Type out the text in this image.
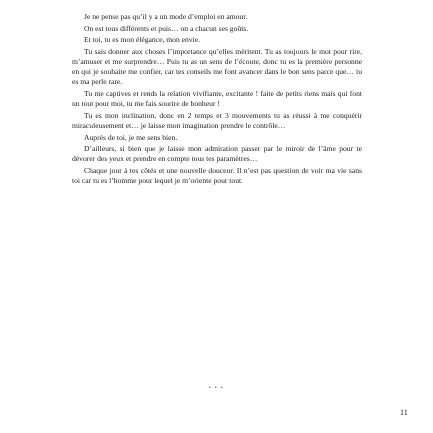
Je ne pense pas qu’il y a un mode d’emploi en amour.

On est tous différents et puis… on a chacun ses goûts.

Et toi, tu es mon élégance, mon envie.

Tu sais donner aux choses l’importance qu’elles méritent. Tu as toujours le mot pour rire, m’amuser et me surprendre… Puis tu as un sens de l’écoute, donc tu es la première personne en qui je souhaite me confier, car tes conseils me font avancer dans le bon sens parce que… tu es ma perle rare.

Tu me captives et rends la relation vivifiante, excitante ! faite de petits riens mais qui font un tout pour moi, tu me fais sourire de bonheur !

Tu es mon inclination, donc en 2 temps et 3 mouvements tu as réussi à me conquérir miraculeusement et… je laisse mon imagination prendre le contrôle…

Auprès de toi, je me sens bien.

D’ailleurs, si bien que je laisse mon admiration passer par le miroir de l’âme pour te dévorer des yeux et prendre en compte tous tes paramètres…

Chaque jour à tes côtés et une nouvelle douceur. Il n’est pas question de voir ma vie sans toi car tu es l’homme pour lequel je m’oriente pour tout.

• • •
11
